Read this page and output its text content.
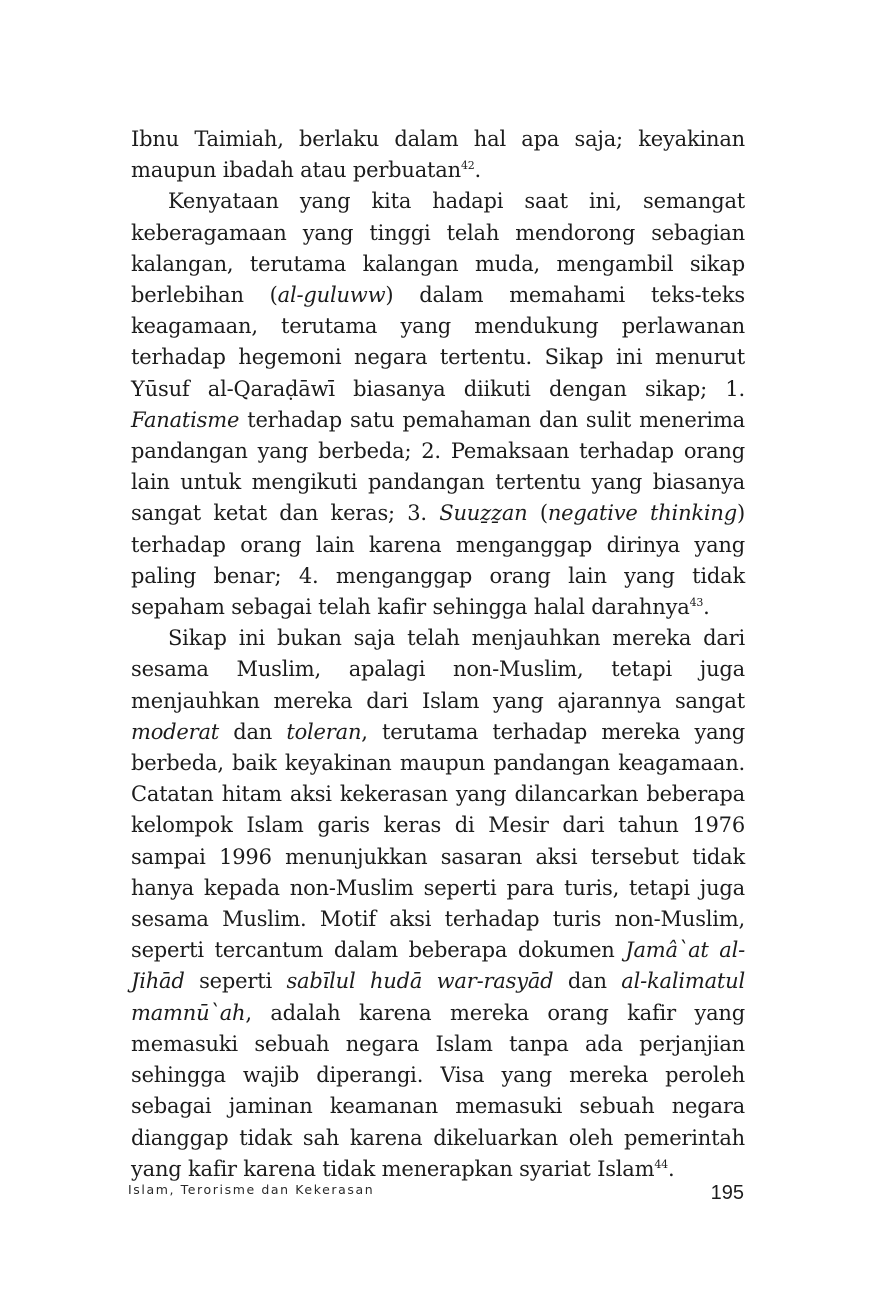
Ibnu Taimiah, berlaku dalam hal apa saja; keyakinan maupun ibadah atau perbuatan$^{42}$.

Kenyataan yang kita hadapi saat ini, semangat keberagamaan yang tinggi telah mendorong sebagian kalangan, terutama kalangan muda, mengambil sikap berlebihan (al-guluww) dalam memahami teks-teks keagamaan, terutama yang mendukung perlawanan terhadap hegemoni negara tertentu. Sikap ini menurut Yūsuf al-Qaraḍāwī biasanya diikuti dengan sikap; 1. Fanatisme terhadap satu pemahaman dan sulit menerima pandangan yang berbeda; 2. Pemaksaan terhadap orang lain untuk mengikuti pandangan tertentu yang biasanya sangat ketat dan keras; 3. Suuẕẕan (negative thinking) terhadap orang lain karena menganggap dirinya yang paling benar; 4. menganggap orang lain yang tidak sepaham sebagai telah kafir sehingga halal darahnya$^{43}$.

Sikap ini bukan saja telah menjauhkan mereka dari sesama Muslim, apalagi non-Muslim, tetapi juga menjauhkan mereka dari Islam yang ajarannya sangat moderat dan toleran, terutama terhadap mereka yang berbeda, baik keyakinan maupun pandangan keagamaan. Catatan hitam aksi kekerasan yang dilancarkan beberapa kelompok Islam garis keras di Mesir dari tahun 1976 sampai 1996 menunjukkan sasaran aksi tersebut tidak hanya kepada non-Muslim seperti para turis, tetapi juga sesama Muslim. Motif aksi terhadap turis non-Muslim, seperti tercantum dalam beberapa dokumen Jamâ`at al-Jihād seperti sabīlul hudā war-rasyād dan al-kalimatul mamnū`ah, adalah karena mereka orang kafir yang memasuki sebuah negara Islam tanpa ada perjanjian sehingga wajib diperangi. Visa yang mereka peroleh sebagai jaminan keamanan memasuki sebuah negara dianggap tidak sah karena dikeluarkan oleh pemerintah yang kafir karena tidak menerapkan syariat Islam$^{44}$.

Islam, Terorisme dan Kekerasan	195
